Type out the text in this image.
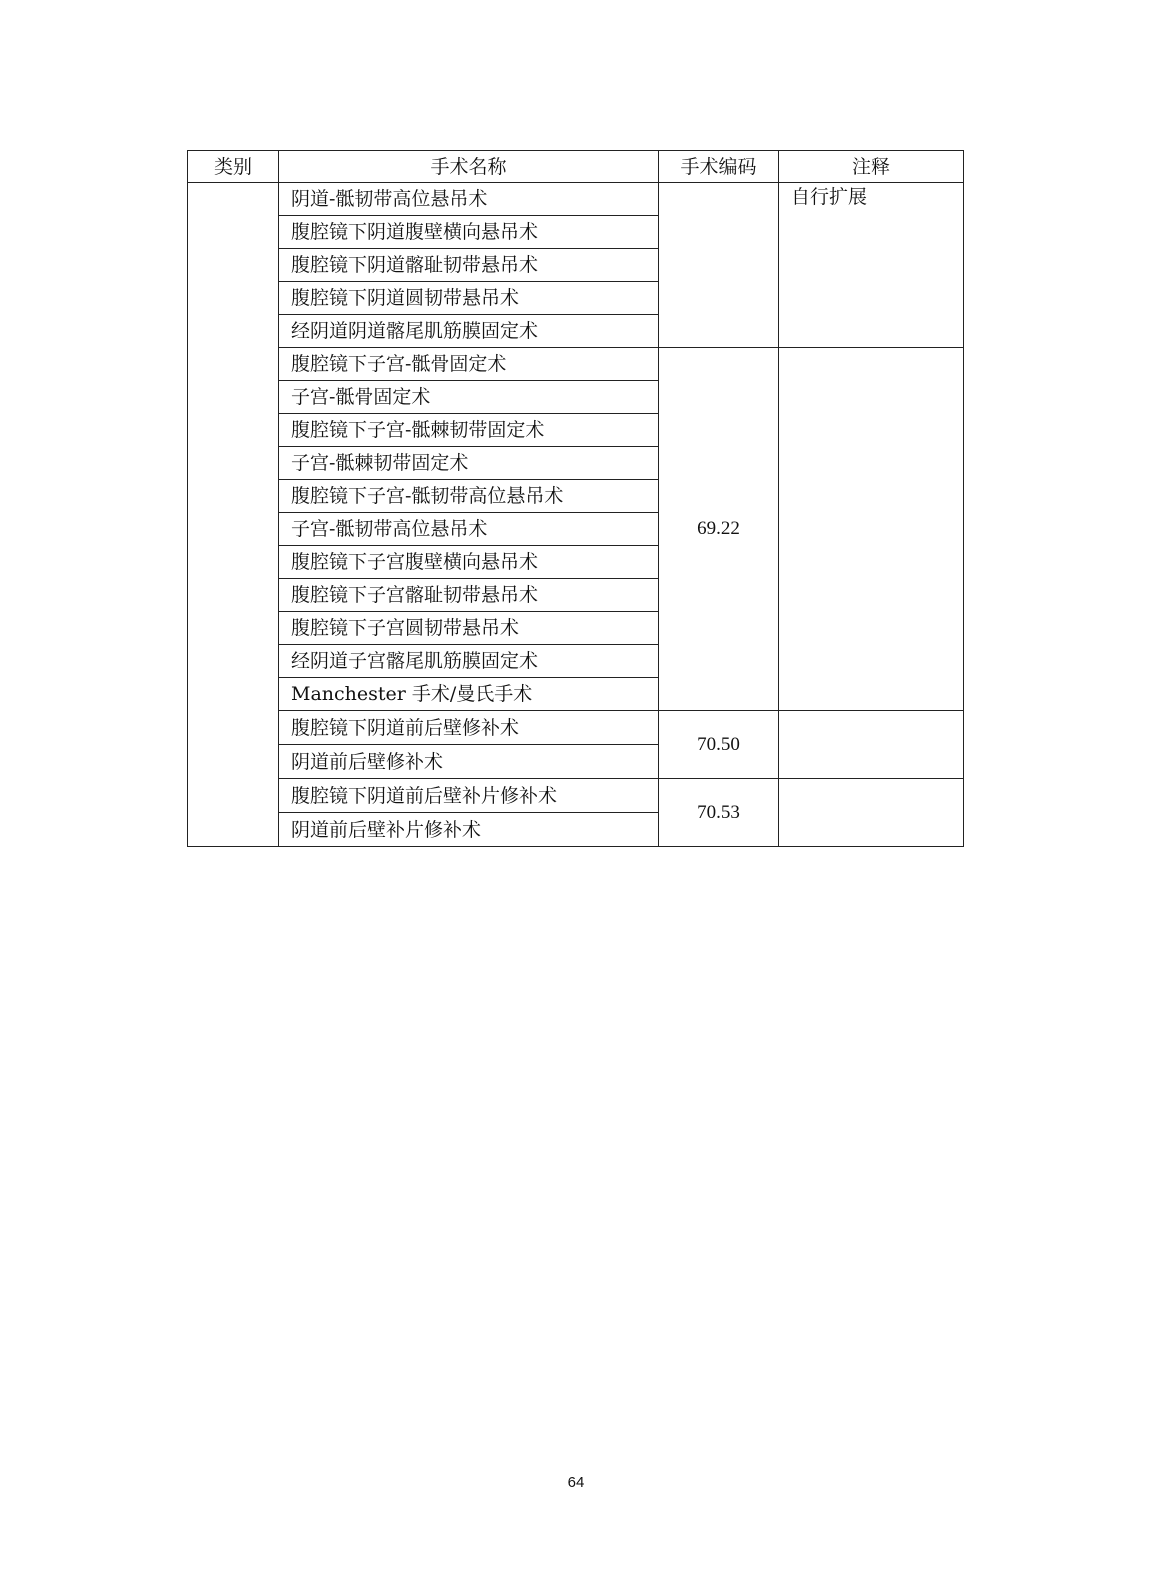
类别	手术名称	手术编码	注释
	阴道-骶韧带高位悬吊术		自行扩展
	腹腔镜下阴道腹壁横向悬吊术		
	腹腔镜下阴道髂耻韧带悬吊术		
	腹腔镜下阴道圆韧带悬吊术		
	经阴道阴道髂尾肌筋膜固定术		
	腹腔镜下子宫-骶骨固定术	69.22	
	子宫-骶骨固定术		
	腹腔镜下子宫-骶棘韧带固定术		
	子宫-骶棘韧带固定术		
	腹腔镜下子宫-骶韧带高位悬吊术		
	子宫-骶韧带高位悬吊术		
	腹腔镜下子宫腹壁横向悬吊术		
	腹腔镜下子宫髂耻韧带悬吊术		
	腹腔镜下子宫圆韧带悬吊术		
	经阴道子宫髂尾肌筋膜固定术		
	Manchester 手术/曼氏手术		
	腹腔镜下阴道前后壁修补术	70.50	
	阴道前后壁修补术		
	腹腔镜下阴道前后壁补片修补术	70.53	
	阴道前后壁补片修补术		
64
